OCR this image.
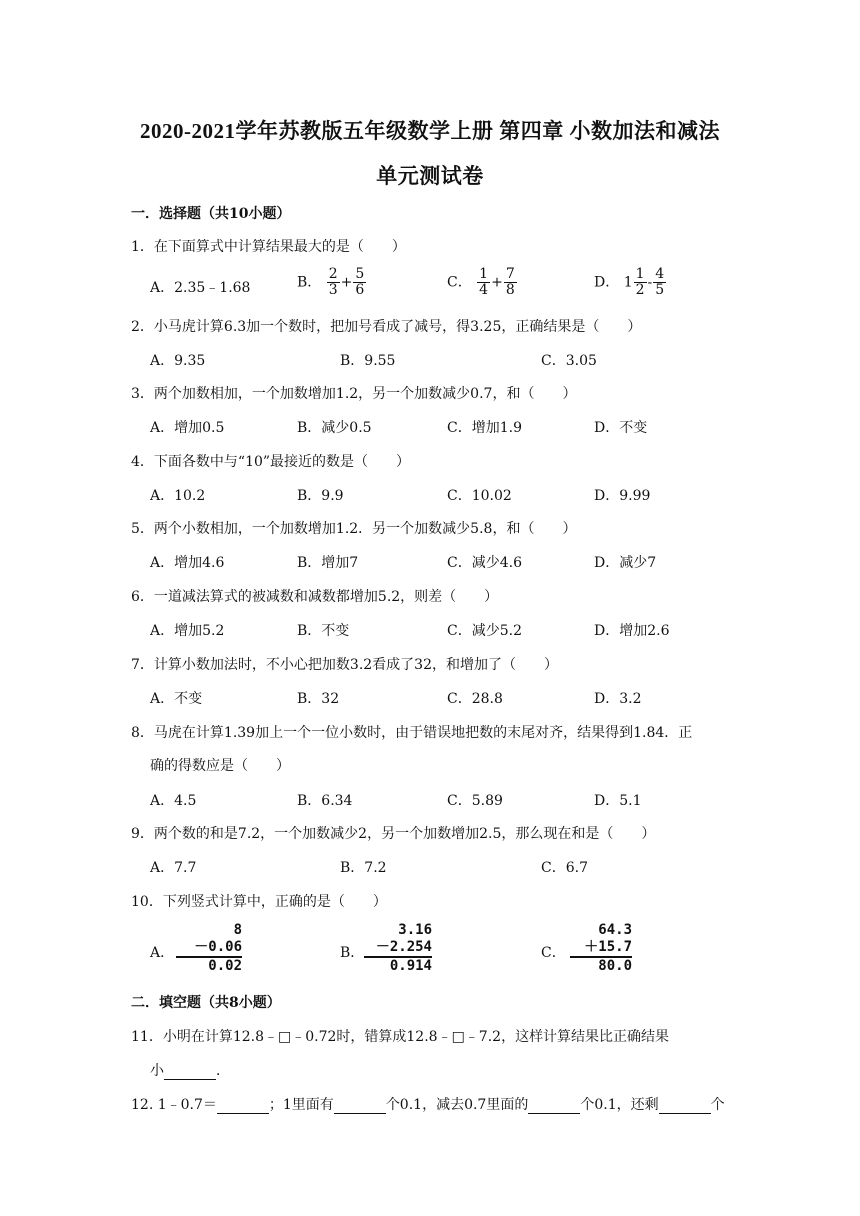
2020-2021学年苏教版五年级数学上册 第四章 小数加法和减法
单元测试卷
一．选择题（共10小题）
1．在下面算式中计算结果最大的是（　　）
A．2.35﹣1.68	B． $\frac{2}{3} + \frac{5}{6}$	C． $\frac{1}{4} + \frac{7}{8}$	D． $1 \frac{1}{2} - \frac{4}{5}$
2．小马虎计算6.3加一个数时，把加号看成了减号，得3.25，正确结果是（　　）
A．9.35	B．9.55	C．3.05
3．两个加数相加，一个加数增加1.2，另一个加数减少0.7，和（　　）
A．增加0.5	B．减少0.5	C．增加1.9	D．不变
4．下面各数中与“10”最接近的数是（　　）
A．10.2	B．9.9	C．10.02	D．9.99
5．两个小数相加，一个加数增加1.2．另一个加数减少5.8，和（　　）
A．增加4.6	B．增加7	C．减少4.6	D．减少7
6．一道减法算式的被减数和减数都增加5.2，则差（　　）
A．增加5.2	B．不变	C．减少5.2	D．增加2.6
7．计算小数加法时，不小心把加数3.2看成了32，和增加了（　　）
A．不变	B．32	C．28.8	D．3.2
8．马虎在计算1.39加上一个一位小数时，由于错误地把数的末尾对齐，结果得到1.84．正
确的得数应是（　　）
A．4.5	B．6.34	C．5.89	D．5.1
9．两个数的和是7.2，一个加数减少2，另一个加数增加2.5，那么现在和是（　　）
A．7.7	B．7.2	C．6.7
10．下列竖式计算中，正确的是（　　）
A．
8
－0.06
0.02
B．
3.16
－2.254
0.914
C．
64.3
＋15.7
80.0
二．填空题（共8小题）
11．小明在计算12.8﹣□﹣0.72时，错算成12.8﹣□﹣7.2，这样计算结果比正确结果
小	．
12. 1﹣0.7＝	；1里面有	个0.1，减去0.7里面的	个0.1，还剩	个
